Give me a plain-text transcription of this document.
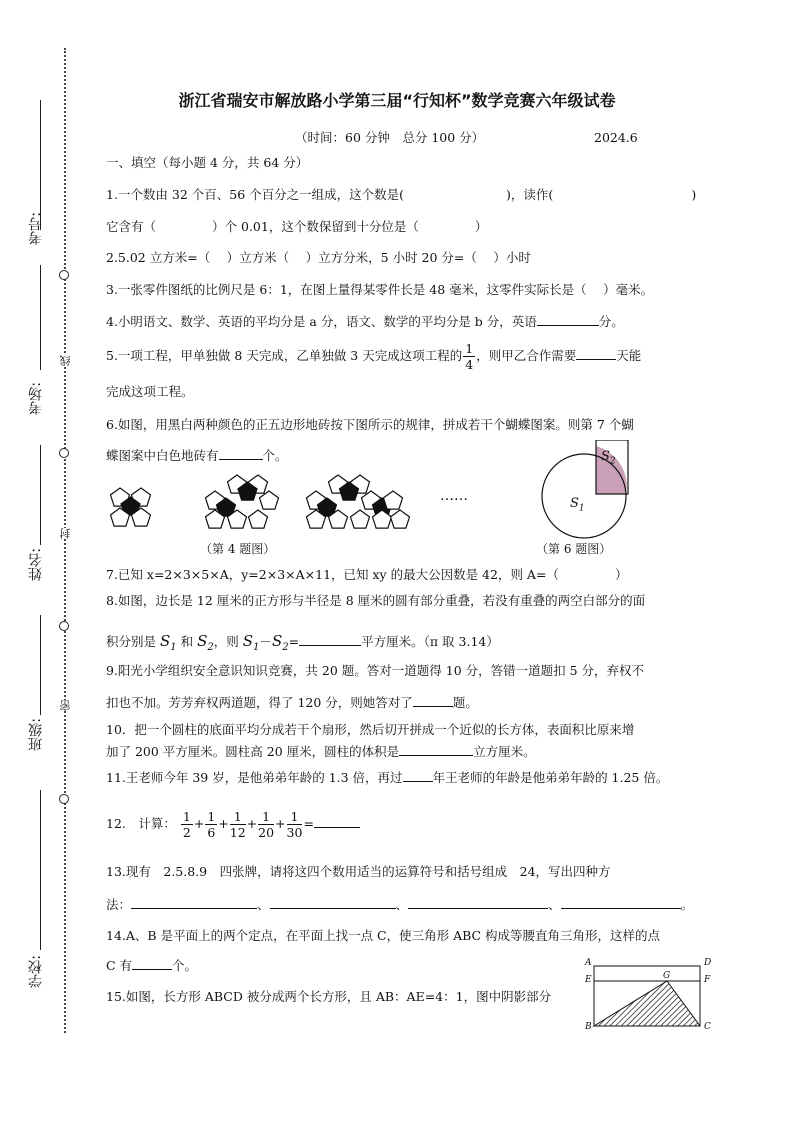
考号:
考场:
线
姓名:
封
班级:
密
学校:
浙江省瑞安市解放路小学第三届“行知杯”数学竞赛六年级试卷
（时间：60 分钟　总分 100 分）	2024.6
一、填空（每小题 4 分，共 64 分）
1.一个数由 32 个百、56 个百分之一组成，这个数是(	)，读作(	)
它含有（	）个 0.01，这个数保留到十分位是（	）
2.5.02 立方米=（　 ）立方米（　 ）立方分米，5 小时 20 分=（　 ）小时
3.一张零件图纸的比例尺是 6：1，在图上量得某零件长是 48 毫米，这零件实际长是（　 ）毫米。
4.小明语文、数学、英语的平均分是 a 分，语文、数学的平均分是 b 分，英语	分。
5.一项工程，甲单独做 8 天完成，乙单独做 3 天完成这项工程的 $\frac{1}{4}$ ，则甲乙合作需要	天能
完成这项工程。
6.如图，用黑白两种颜色的正五边形地砖按下图所示的规律，拼成若干个蝴蝶图案。则第 7 个蝴
蝶图案中白色地砖有	个。
……
$S_2$
$S_1$
（第 4 题图）	（第 6 题图）
7.已知 x=2×3×5×A，y=2×3×A×11，已知 xy 的最大公因数是 42，则 A=（	）
8.如图，边长是 12 厘米的正方形与半径是 8 厘米的圆有部分重叠，若没有重叠的两空白部分的面
积分别是 $S_1$ 和 $S_2$，则 $S_1-S_2=$	平方厘米。（π 取 3.14）
9.阳光小学组织安全意识知识竞赛，共 20 题。答对一道题得 10 分，答错一道题扣 5 分，弃权不
扣也不加。芳芳弃权两道题，得了 120 分，则她答对了	题。
10．把一个圆柱的底面平均分成若干个扇形，然后切开拼成一个近似的长方体，表面积比原来增
加了 200 平方厘米。圆柱高 20 厘米，圆柱的体积是	立方厘米。
11.王老师今年 39 岁，是他弟弟年龄的 1.3 倍，再过 年王老师的年龄是他弟弟年龄的 1.25 倍。
12.　计算： $\frac{1}{2} + \frac{1}{6} + \frac{1}{12} + \frac{1}{20} + \frac{1}{30}$ =
13.现有　2.5.8.9　四张牌，请将这四个数用适当的运算符号和括号组成　24，写出四种方
法：	、	、	、	。
14.A、B 是平面上的两个定点，在平面上找一点 C，使三角形 ABC 构成等腰直角三角形，这样的点
C 有	个。
15.如图，长方形 ABCD 被分成两个长方形，且 AB：AE=4：1，图中阴影部分
A	D
E	F
G
B	C
